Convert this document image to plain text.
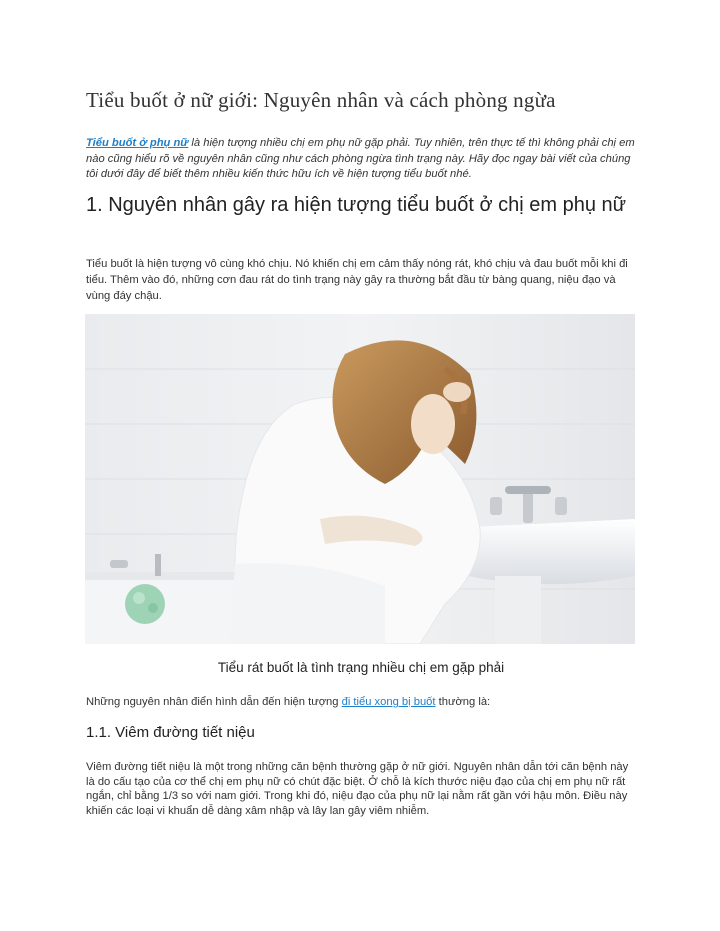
Tiểu buốt ở nữ giới: Nguyên nhân và cách phòng ngừa

Tiểu buốt ở phụ nữ là hiện tượng nhiều chị em phụ nữ gặp phải. Tuy nhiên, trên thực tế thì không phải chị em nào cũng hiểu rõ về nguyên nhân cũng như cách phòng ngừa tình trạng này. Hãy đọc ngay bài viết của chúng tôi dưới đây để biết thêm nhiều kiến thức hữu ích về hiện tượng tiểu buốt nhé.

1. Nguyên nhân gây ra hiện tượng tiểu buốt ở chị em phụ nữ

Tiểu buốt là hiện tượng vô cùng khó chịu. Nó khiến chị em cảm thấy nóng rát, khó chịu và đau buốt mỗi khi đi tiểu. Thêm vào đó, những cơn đau rát do tình trạng này gây ra thường bắt đầu từ bàng quang, niệu đạo và vùng đáy chậu.

Tiểu rát buốt là tình trạng nhiều chị em gặp phải

Những nguyên nhân điển hình dẫn đến hiện tượng đi tiểu xong bị buốt thường là:

1.1. Viêm đường tiết niệu

Viêm đường tiết niệu là một trong những căn bệnh thường gặp ở nữ giới. Nguyên nhân dẫn tới căn bệnh này là do cấu tạo của cơ thể chị em phụ nữ có chút đặc biệt. Ở chỗ là kích thước niệu đạo của chị em phụ nữ rất ngắn, chỉ bằng 1/3 so với nam giới. Trong khi đó, niệu đạo của phụ nữ lại nằm rất gần với hậu môn. Điều này khiến các loại vi khuẩn dễ dàng xâm nhập và lây lan gây viêm nhiễm.
